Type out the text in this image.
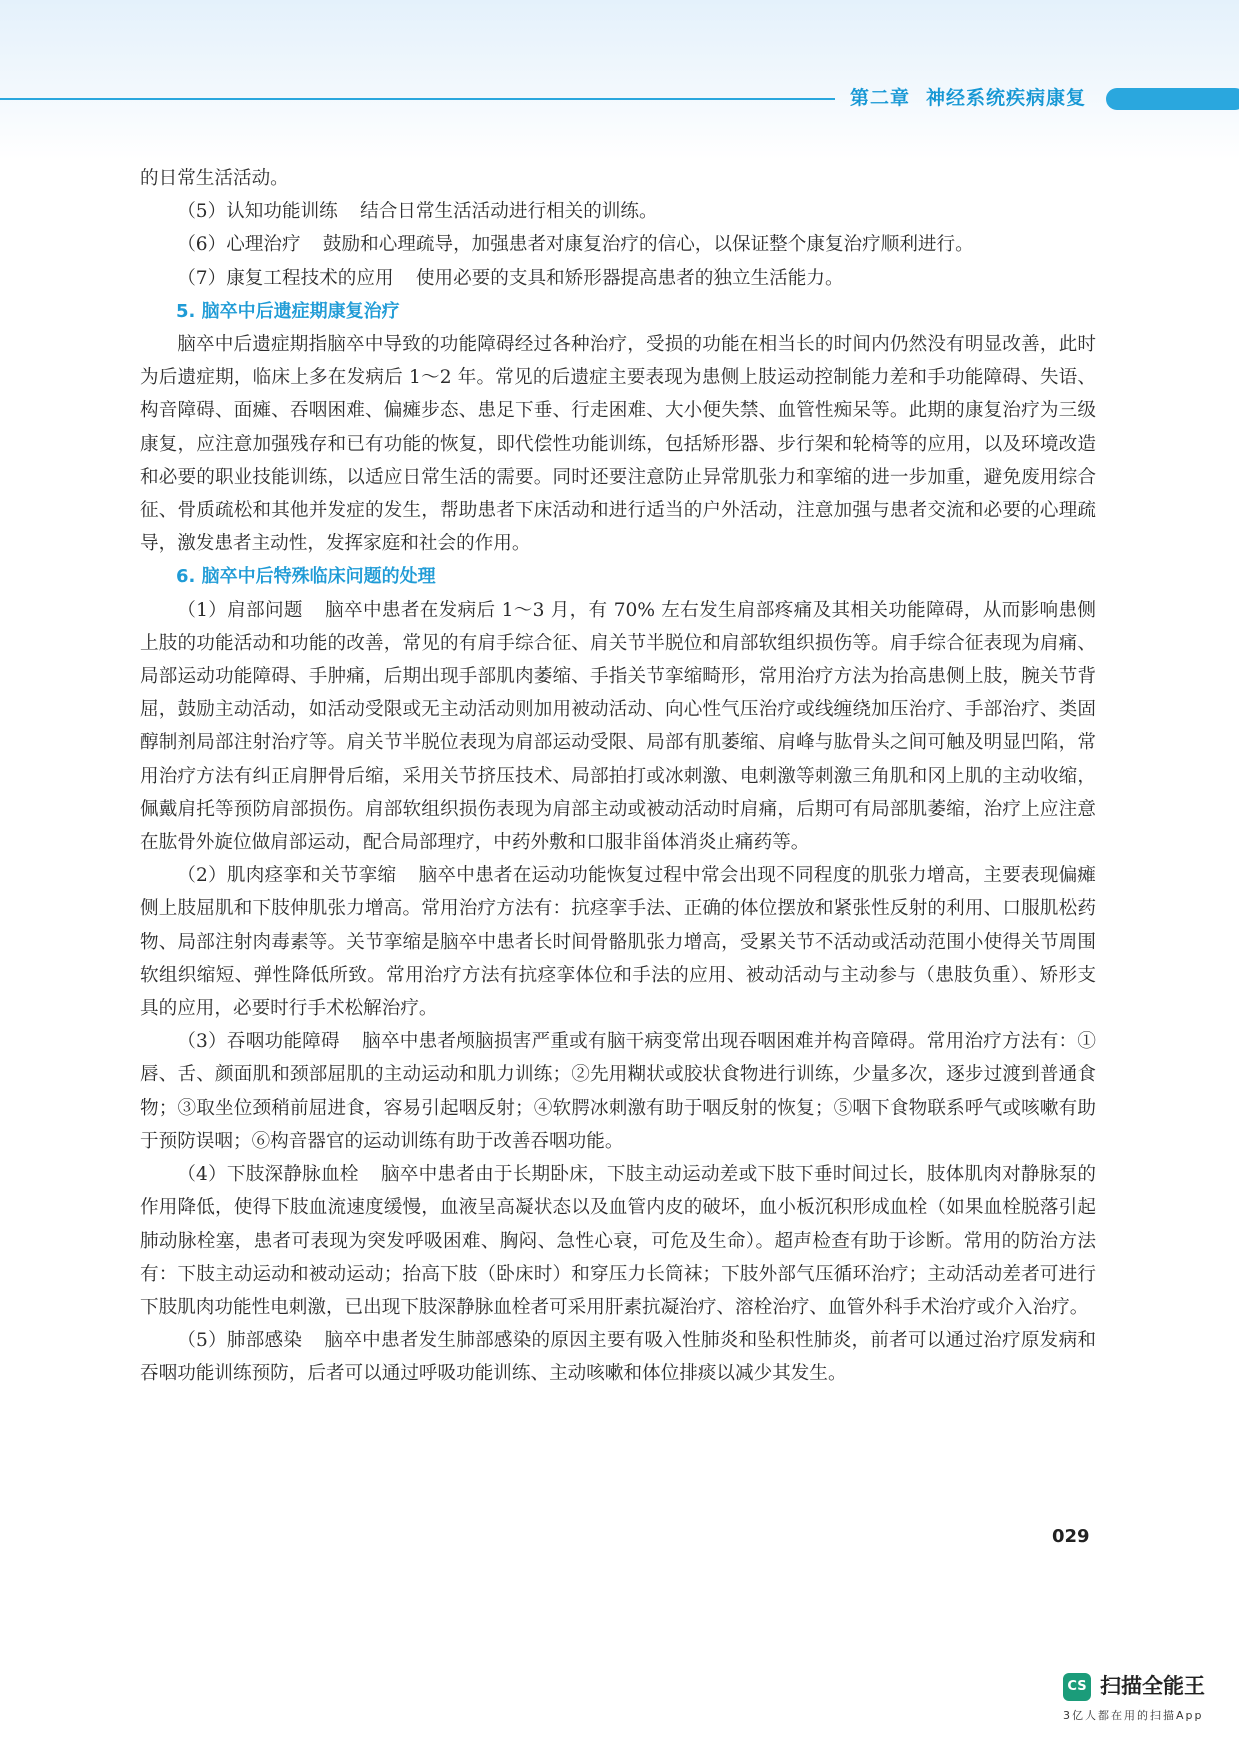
第二章 神经系统疾病康复

的日常生活活动。

（5）认知功能训练 结合日常生活活动进行相关的训练。

（6）心理治疗 鼓励和心理疏导，加强患者对康复治疗的信心，以保证整个康复治疗顺利进行。

（7）康复工程技术的应用 使用必要的支具和矫形器提高患者的独立生活能力。

5. 脑卒中后遗症期康复治疗

脑卒中后遗症期指脑卒中导致的功能障碍经过各种治疗，受损的功能在相当长的时间内仍然没有明显改善，此时为后遗症期，临床上多在发病后 1～2 年。常见的后遗症主要表现为患侧上肢运动控制能力差和手功能障碍、失语、构音障碍、面瘫、吞咽困难、偏瘫步态、患足下垂、行走困难、大小便失禁、血管性痴呆等。此期的康复治疗为三级康复，应注意加强残存和已有功能的恢复，即代偿性功能训练，包括矫形器、步行架和轮椅等的应用，以及环境改造和必要的职业技能训练，以适应日常生活的需要。同时还要注意防止异常肌张力和挛缩的进一步加重，避免废用综合征、骨质疏松和其他并发症的发生，帮助患者下床活动和进行适当的户外活动，注意加强与患者交流和必要的心理疏导，激发患者主动性，发挥家庭和社会的作用。

6. 脑卒中后特殊临床问题的处理

（1）肩部问题 脑卒中患者在发病后 1～3 月，有 70% 左右发生肩部疼痛及其相关功能障碍，从而影响患侧上肢的功能活动和功能的改善，常见的有肩手综合征、肩关节半脱位和肩部软组织损伤等。肩手综合征表现为肩痛、局部运动功能障碍、手肿痛，后期出现手部肌肉萎缩、手指关节挛缩畸形，常用治疗方法为抬高患侧上肢，腕关节背屈，鼓励主动活动，如活动受限或无主动活动则加用被动活动、向心性气压治疗或线缠绕加压治疗、手部治疗、类固醇制剂局部注射治疗等。肩关节半脱位表现为肩部运动受限、局部有肌萎缩、肩峰与肱骨头之间可触及明显凹陷，常用治疗方法有纠正肩胛骨后缩，采用关节挤压技术、局部拍打或冰刺激、电刺激等刺激三角肌和冈上肌的主动收缩，佩戴肩托等预防肩部损伤。肩部软组织损伤表现为肩部主动或被动活动时肩痛，后期可有局部肌萎缩，治疗上应注意在肱骨外旋位做肩部运动，配合局部理疗，中药外敷和口服非甾体消炎止痛药等。

（2）肌肉痉挛和关节挛缩 脑卒中患者在运动功能恢复过程中常会出现不同程度的肌张力增高，主要表现偏瘫侧上肢屈肌和下肢伸肌张力增高。常用治疗方法有：抗痉挛手法、正确的体位摆放和紧张性反射的利用、口服肌松药物、局部注射肉毒素等。关节挛缩是脑卒中患者长时间骨骼肌张力增高，受累关节不活动或活动范围小使得关节周围软组织缩短、弹性降低所致。常用治疗方法有抗痉挛体位和手法的应用、被动活动与主动参与（患肢负重）、矫形支具的应用，必要时行手术松解治疗。

（3）吞咽功能障碍 脑卒中患者颅脑损害严重或有脑干病变常出现吞咽困难并构音障碍。常用治疗方法有：①唇、舌、颜面肌和颈部屈肌的主动运动和肌力训练；②先用糊状或胶状食物进行训练，少量多次，逐步过渡到普通食物；③取坐位颈稍前屈进食，容易引起咽反射；④软腭冰刺激有助于咽反射的恢复；⑤咽下食物联系呼气或咳嗽有助于预防误咽；⑥构音器官的运动训练有助于改善吞咽功能。

（4）下肢深静脉血栓 脑卒中患者由于长期卧床，下肢主动运动差或下肢下垂时间过长，肢体肌肉对静脉泵的作用降低，使得下肢血流速度缓慢，血液呈高凝状态以及血管内皮的破坏，血小板沉积形成血栓（如果血栓脱落引起肺动脉栓塞，患者可表现为突发呼吸困难、胸闷、急性心衰，可危及生命）。超声检查有助于诊断。常用的防治方法有：下肢主动运动和被动运动；抬高下肢（卧床时）和穿压力长筒袜；下肢外部气压循环治疗；主动活动差者可进行下肢肌肉功能性电刺激，已出现下肢深静脉血栓者可采用肝素抗凝治疗、溶栓治疗、血管外科手术治疗或介入治疗。

（5）肺部感染 脑卒中患者发生肺部感染的原因主要有吸入性肺炎和坠积性肺炎，前者可以通过治疗原发病和吞咽功能训练预防，后者可以通过呼吸功能训练、主动咳嗽和体位排痰以减少其发生。

029
CS 扫描全能王
3亿人都在用的扫描App
